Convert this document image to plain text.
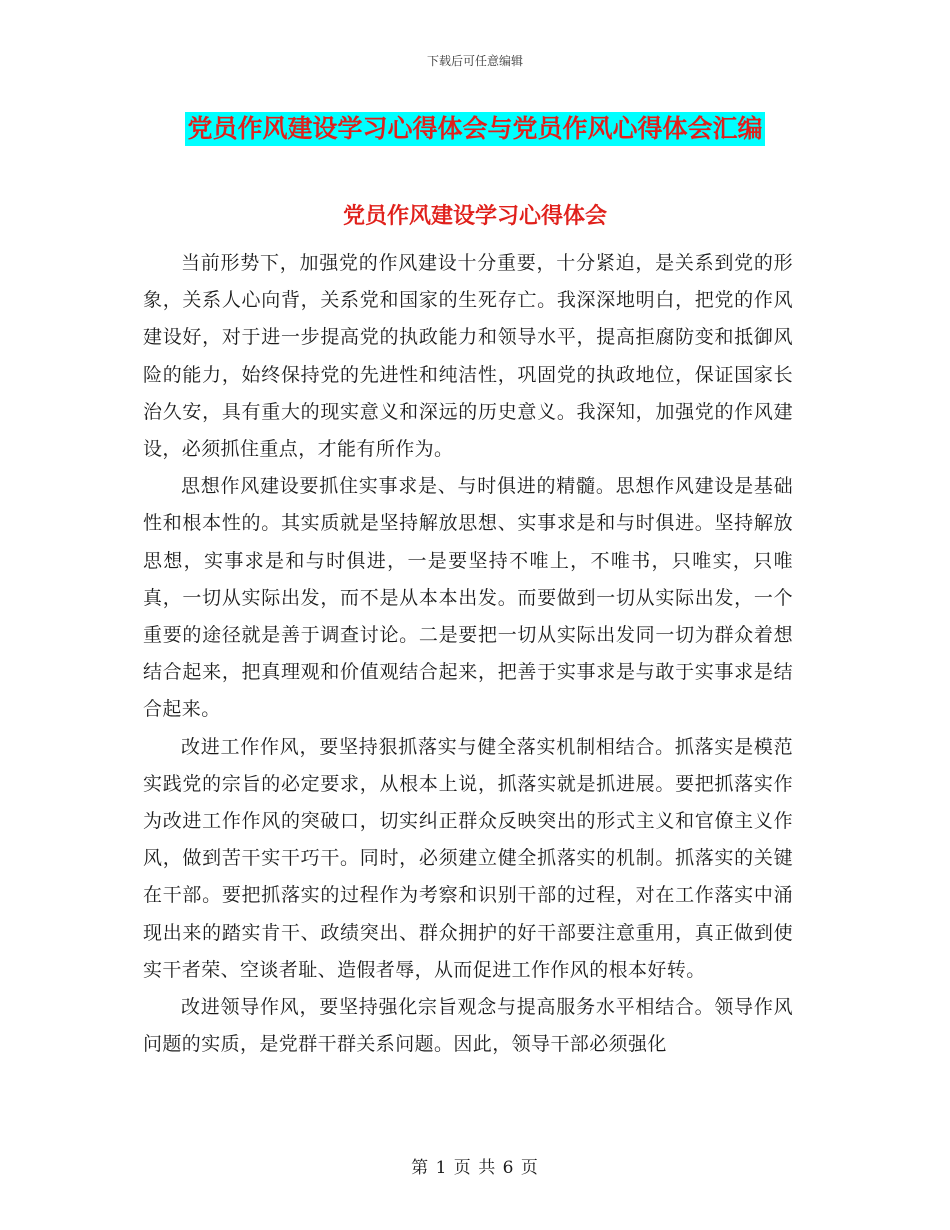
下载后可任意编辑
党员作风建设学习心得体会与党员作风心得体会汇编
党员作风建设学习心得体会

当前形势下，加强党的作风建设十分重要，十分紧迫，是关系到党的形象，关系人心向背，关系党和国家的生死存亡。我深深地明白，把党的作风建设好，对于进一步提高党的执政能力和领导水平，提高拒腐防变和抵御风险的能力，始终保持党的先进性和纯洁性，巩固党的执政地位，保证国家长治久安，具有重大的现实意义和深远的历史意义。我深知，加强党的作风建设，必须抓住重点，才能有所作为。

思想作风建设要抓住实事求是、与时俱进的精髓。思想作风建设是基础性和根本性的。其实质就是坚持解放思想、实事求是和与时俱进。坚持解放思想，实事求是和与时俱进，一是要坚持不唯上，不唯书，只唯实，只唯真，一切从实际出发，而不是从本本出发。而要做到一切从实际出发，一个重要的途径就是善于调查讨论。二是要把一切从实际出发同一切为群众着想结合起来，把真理观和价值观结合起来，把善于实事求是与敢于实事求是结合起来。

改进工作作风，要坚持狠抓落实与健全落实机制相结合。抓落实是模范实践党的宗旨的必定要求，从根本上说，抓落实就是抓进展。要把抓落实作为改进工作作风的突破口，切实纠正群众反映突出的形式主义和官僚主义作风，做到苦干实干巧干。同时，必须建立健全抓落实的机制。抓落实的关键在干部。要把抓落实的过程作为考察和识别干部的过程，对在工作落实中涌现出来的踏实肯干、政绩突出、群众拥护的好干部要注意重用，真正做到使实干者荣、空谈者耻、造假者辱，从而促进工作作风的根本好转。

改进领导作风，要坚持强化宗旨观念与提高服务水平相结合。领导作风问题的实质，是党群干群关系问题。因此，领导干部必须强化

第 1 页 共 6 页
